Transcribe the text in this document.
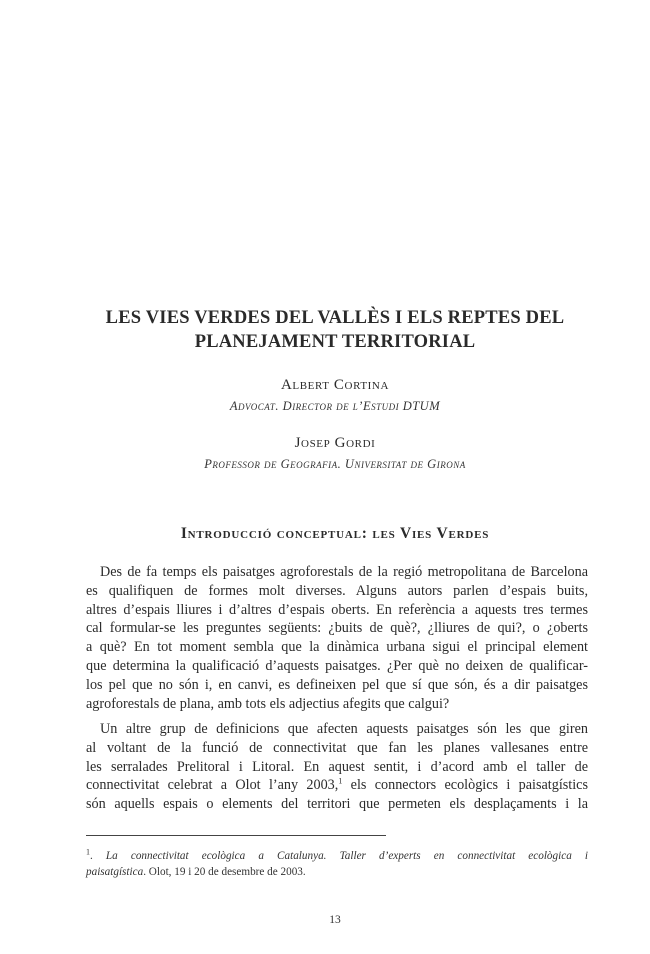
LES VIES VERDES DEL VALLÈS I ELS REPTES DEL
PLANEJAMENT TERRITORIAL
Albert Cortina
Advocat. Director de l’Estudi DTUM
Josep Gordi
Professor de Geografia. Universitat de Girona
Introducció conceptual: les Vies Verdes
Des de fa temps els paisatges agroforestals de la regió metropolitana de Barcelona
es qualifiquen de formes molt diverses. Alguns autors parlen d’espais buits,
altres d’espais lliures i d’altres d’espais oberts. En referència a aquests tres termes
cal formular-se les preguntes següents: ¿buits de què?, ¿lliures de qui?, o ¿oberts
a què? En tot moment sembla que la dinàmica urbana sigui el principal element
que determina la qualificació d’aquests paisatges. ¿Per què no deixen de qualificar-
los pel que no són i, en canvi, es defineixen pel que sí que són, és a dir paisatges
agroforestals de plana, amb tots els adjectius afegits que calgui?
Un altre grup de definicions que afecten aquests paisatges són les que giren
al voltant de la funció de connectivitat que fan les planes vallesanes entre
les serralades Prelitoral i Litoral. En aquest sentit, i d’acord amb el taller de
connectivitat celebrat a Olot l’any 2003,$^1$ els connectors ecològics i paisatgístics
són aquells espais o elements del territori que permeten els desplaçaments i la
$^1$. La connectivitat ecològica a Catalunya. Taller d’experts en connectivitat ecològica i
paisatgística. Olot, 19 i 20 de desembre de 2003.
13
